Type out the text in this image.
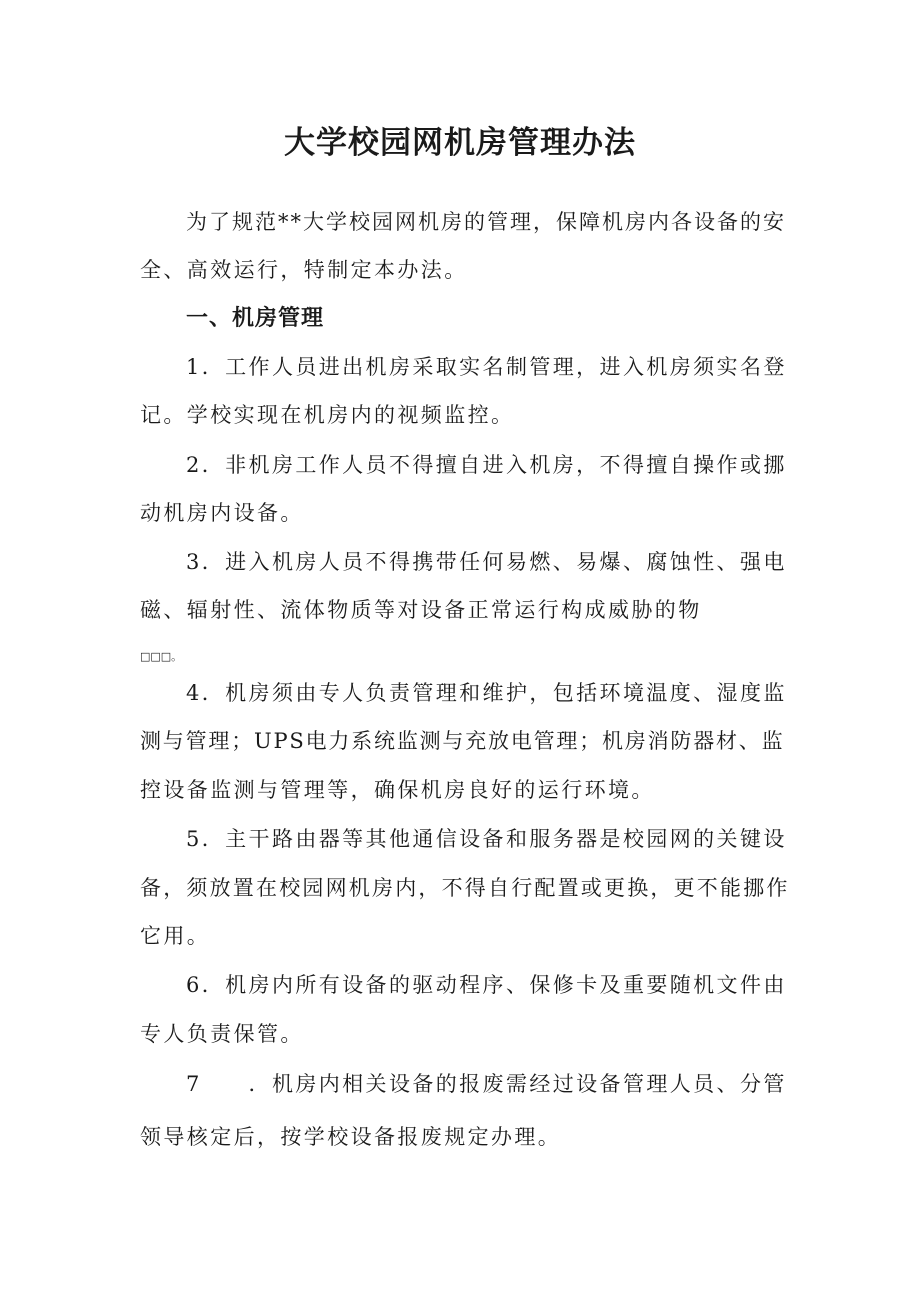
大学校园网机房管理办法
为了规范**大学校园网机房的管理，保障机房内各设备的安
全、高效运行，特制定本办法。
一、机房管理
1．工作人员进出机房采取实名制管理，进入机房须实名登
记。学校实现在机房内的视频监控。
2．非机房工作人员不得擅自进入机房，不得擅自操作或挪
动机房内设备。
3．进入机房人员不得携带任何易燃、易爆、腐蚀性、强电
磁、辐射性、流体物质等对设备正常运行构成威胁的物
□□□。
4．机房须由专人负责管理和维护，包括环境温度、湿度监
测与管理；UPS电力系统监测与充放电管理；机房消防器材、监
控设备监测与管理等，确保机房良好的运行环境。
5．主干路由器等其他通信设备和服务器是校园网的关键设
备，须放置在校园网机房内，不得自行配置或更换，更不能挪作
它用。
6．机房内所有设备的驱动程序、保修卡及重要随机文件由
专人负责保管。
7　　．机房内相关设备的报废需经过设备管理人员、分管
领导核定后，按学校设备报废规定办理。
